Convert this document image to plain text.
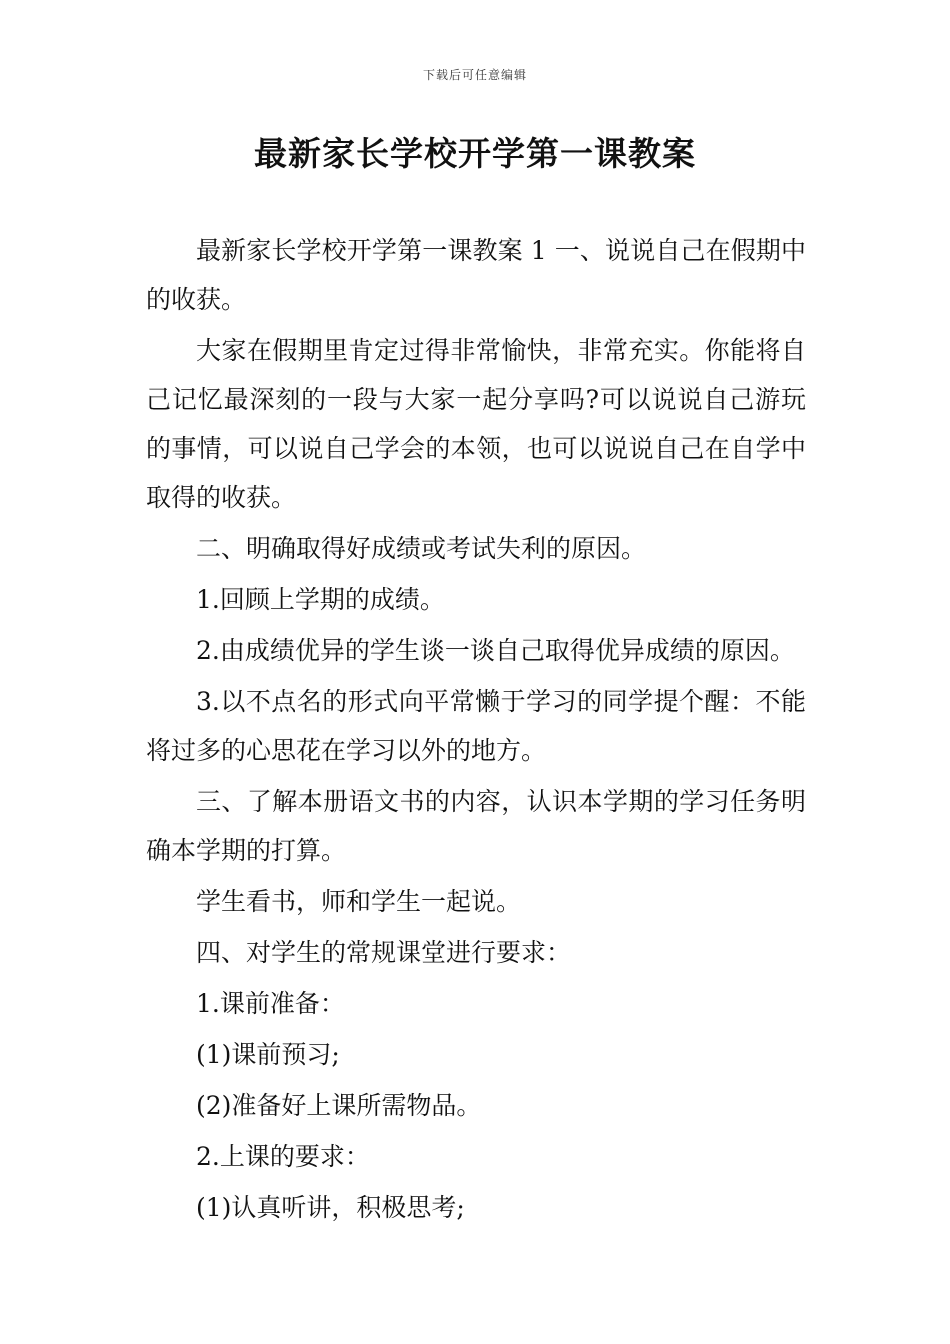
下载后可任意编辑
最新家长学校开学第一课教案

最新家长学校开学第一课教案 1 一、说说自己在假期中的收获。

大家在假期里肯定过得非常愉快，非常充实。你能将自己记忆最深刻的一段与大家一起分享吗?可以说说自己游玩的事情，可以说自己学会的本领，也可以说说自己在自学中取得的收获。

二、明确取得好成绩或考试失利的原因。

1.回顾上学期的成绩。

2.由成绩优异的学生谈一谈自己取得优异成绩的原因。

3.以不点名的形式向平常懒于学习的同学提个醒：不能将过多的心思花在学习以外的地方。

三、了解本册语文书的内容，认识本学期的学习任务明确本学期的打算。

学生看书，师和学生一起说。

四、对学生的常规课堂进行要求：

1.课前准备：

(1)课前预习;

(2)准备好上课所需物品。

2.上课的要求：

(1)认真听讲，积极思考;
